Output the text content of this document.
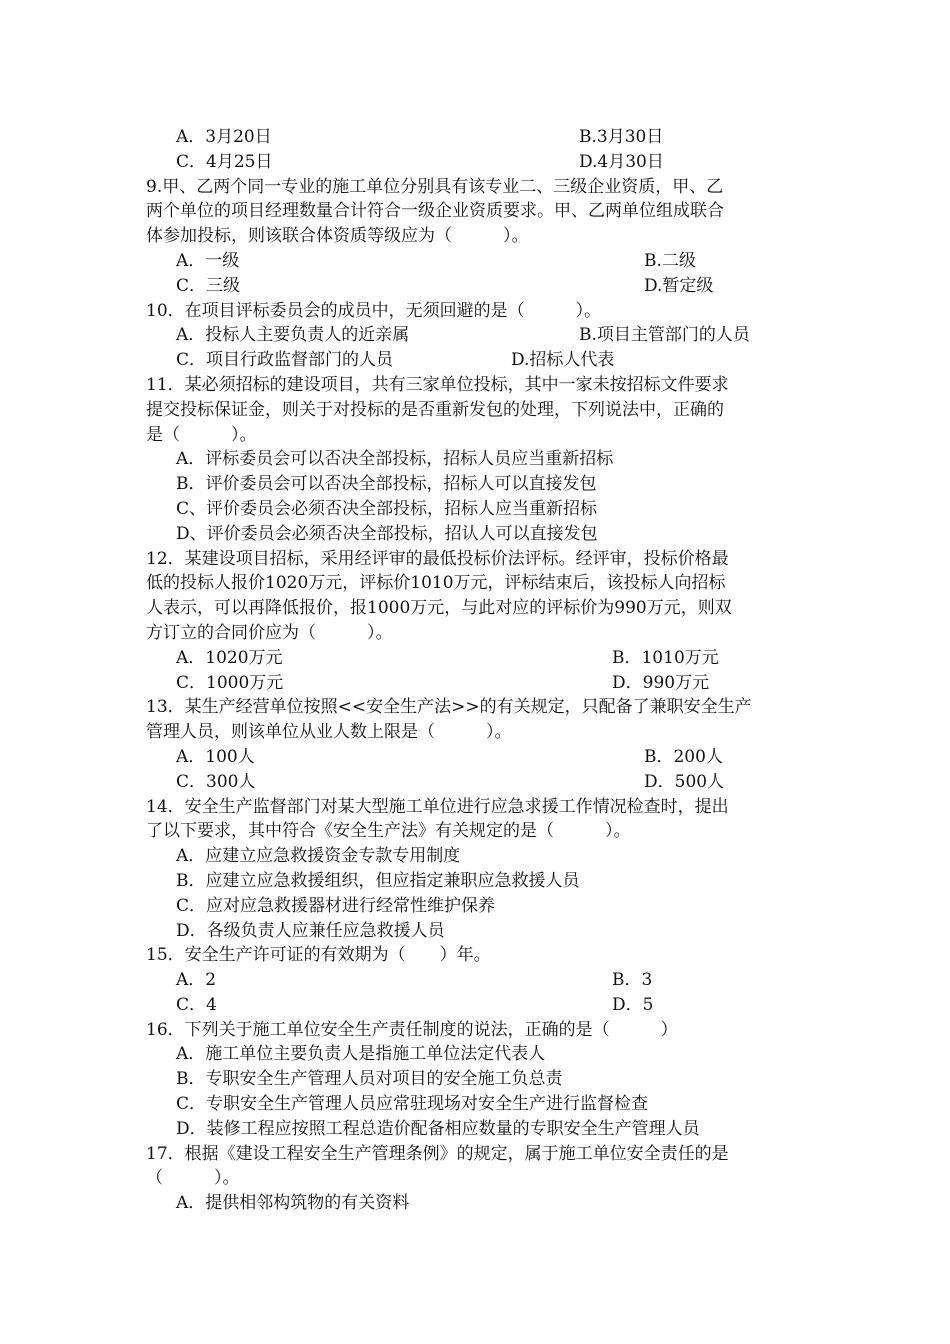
A．3月20日	B.3月30日
C．4月25日	D.4月30日

9.甲、乙两个同一专业的施工单位分别具有该专业二、三级企业资质，甲、乙

两个单位的项目经理数量合计符合一级企业资质要求。甲、乙两单位组成联合

体参加投标，则该联合体资质等级应为（　　　）。

A．一级	B.二级
C．三级	D.暂定级

10．在项目评标委员会的成员中，无须回避的是（　　　）。

A．投标人主要负责人的近亲属	B.项目主管部门的人员
C．项目行政监督部门的人员	D.招标人代表

11．某必须招标的建设项目，共有三家单位投标，其中一家未按招标文件要求

提交投标保证金，则关于对投标的是否重新发包的处理，下列说法中，正确的

是（　　　）。

A．评标委员会可以否决全部投标，招标人员应当重新招标

B．评价委员会可以否决全部投标，招标人可以直接发包

C、评价委员会必须否决全部投标，招标人应当重新招标

D、评价委员会必须否决全部投标，招认人可以直接发包

12．某建设项目招标，采用经评审的最低投标价法评标。经评审，投标价格最

低的投标人报价1020万元，评标价1010万元，评标结束后，该投标人向招标

人表示，可以再降低报价，报1000万元，与此对应的评标价为990万元，则双

方订立的合同价应为（　　　）。

A．1020万元	B．1010万元
C．1000万元	D．990万元

13．某生产经营单位按照<<安全生产法>>的有关规定，只配备了兼职安全生产

管理人员，则该单位从业人数上限是（　　　）。

A．100人	B．200人
C．300人	D．500人

14．安全生产监督部门对某大型施工单位进行应急求援工作情况检查时，提出

了以下要求，其中符合《安全生产法》有关规定的是（　　　）。

A．应建立应急救援资金专款专用制度

B．应建立应急救援组织，但应指定兼职应急救援人员

C．应对应急救援器材进行经常性维护保养

D．各级负责人应兼任应急救援人员

15．安全生产许可证的有效期为（　　）年。

A．2	B．3
C．4	D．5

16．下列关于施工单位安全生产责任制度的说法，正确的是（　　　）

A．施工单位主要负责人是指施工单位法定代表人

B．专职安全生产管理人员对项目的安全施工负总责

C．专职安全生产管理人员应常驻现场对安全生产进行监督检查

D．装修工程应按照工程总造价配备相应数量的专职安全生产管理人员

17．根据《建设工程安全生产管理条例》的规定，属于施工单位安全责任的是

（　　　）。

A．提供相邻构筑物的有关资料
